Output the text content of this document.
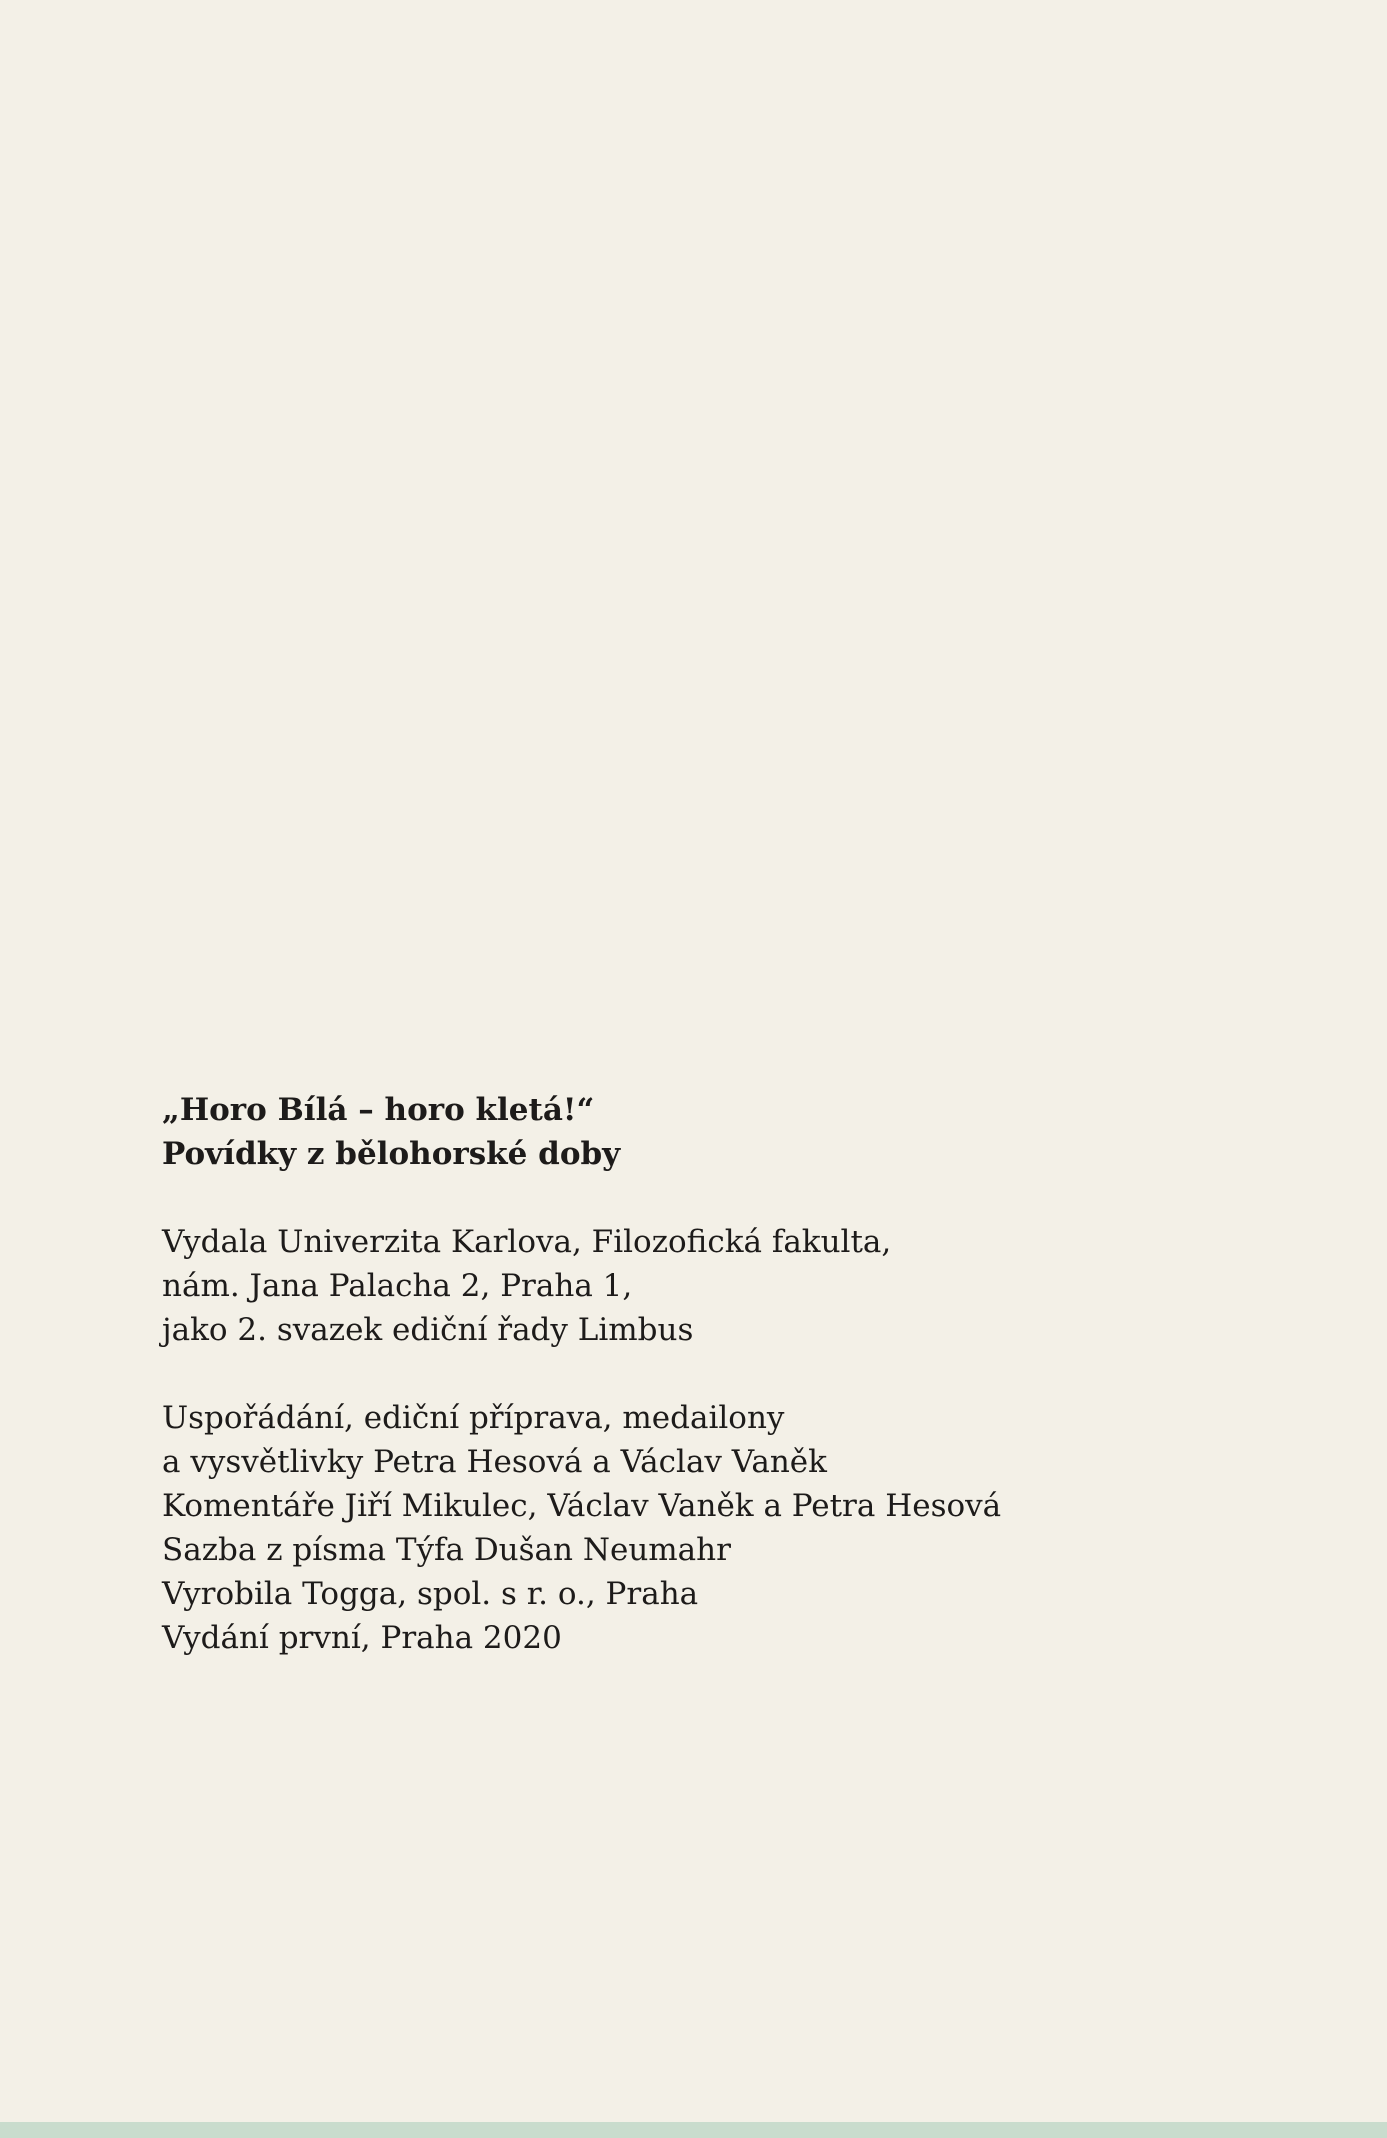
„Horo Bílá – horo kletá!“
Povídky z bělohorské doby
Vydala Univerzita Karlova, Filozofická fakulta,
nám. Jana Palacha 2, Praha 1,
jako 2. svazek ediční řady Limbus
Uspořádání, ediční příprava, medailony
a vysvětlivky Petra Hesová a Václav Vaněk
Komentáře Jiří Mikulec, Václav Vaněk a Petra Hesová
Sazba z písma Týfa Dušan Neumahr
Vyrobila Togga, spol. s r. o., Praha
Vydání první, Praha 2020
